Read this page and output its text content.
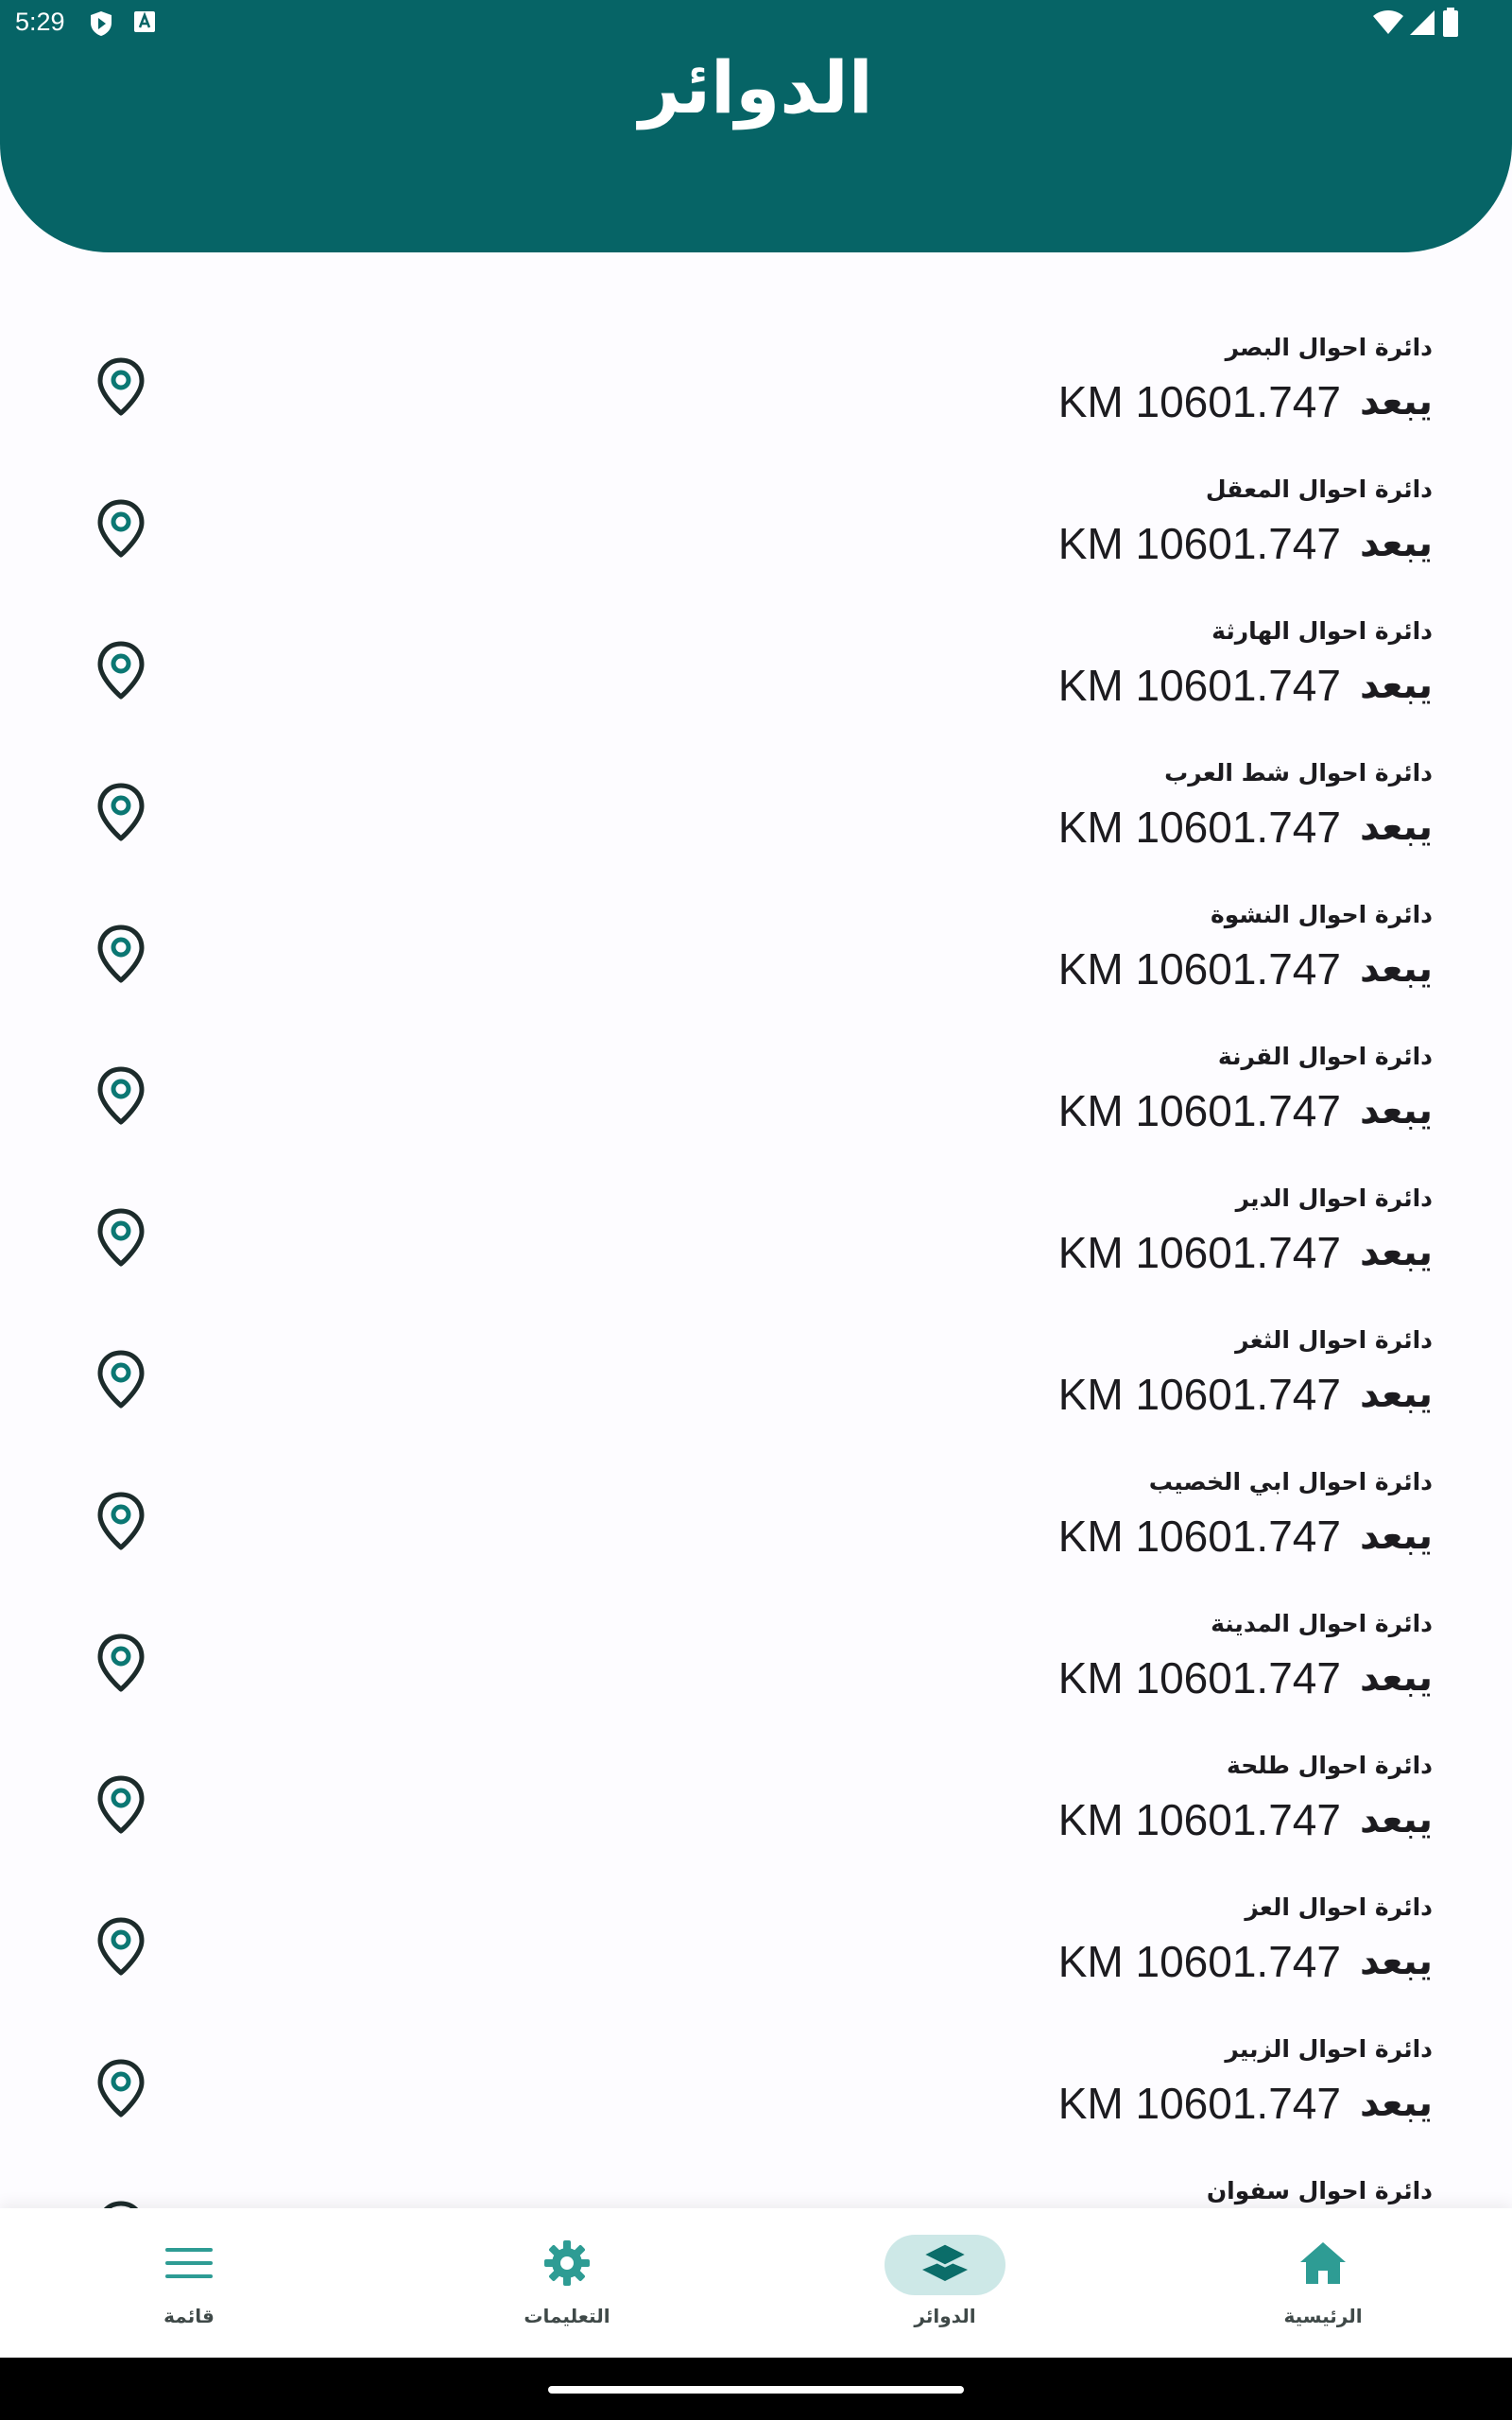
5:29
الدوائر
دائرة احوال البصر
يبعد
KM 10601.747
دائرة احوال المعقل
يبعد
KM 10601.747
دائرة احوال الهارثة
يبعد
KM 10601.747
دائرة احوال شط العرب
يبعد
KM 10601.747
دائرة احوال النشوة
يبعد
KM 10601.747
دائرة احوال القرنة
يبعد
KM 10601.747
دائرة احوال الدير
يبعد
KM 10601.747
دائرة احوال الثغر
يبعد
KM 10601.747
دائرة احوال ابي الخصيب
يبعد
KM 10601.747
دائرة احوال المدينة
يبعد
KM 10601.747
دائرة احوال طلحة
يبعد
KM 10601.747
دائرة احوال العز
يبعد
KM 10601.747
دائرة احوال الزبير
يبعد
KM 10601.747
دائرة احوال سفوان
قائمة	التعليمات	الدوائر	الرئيسية
